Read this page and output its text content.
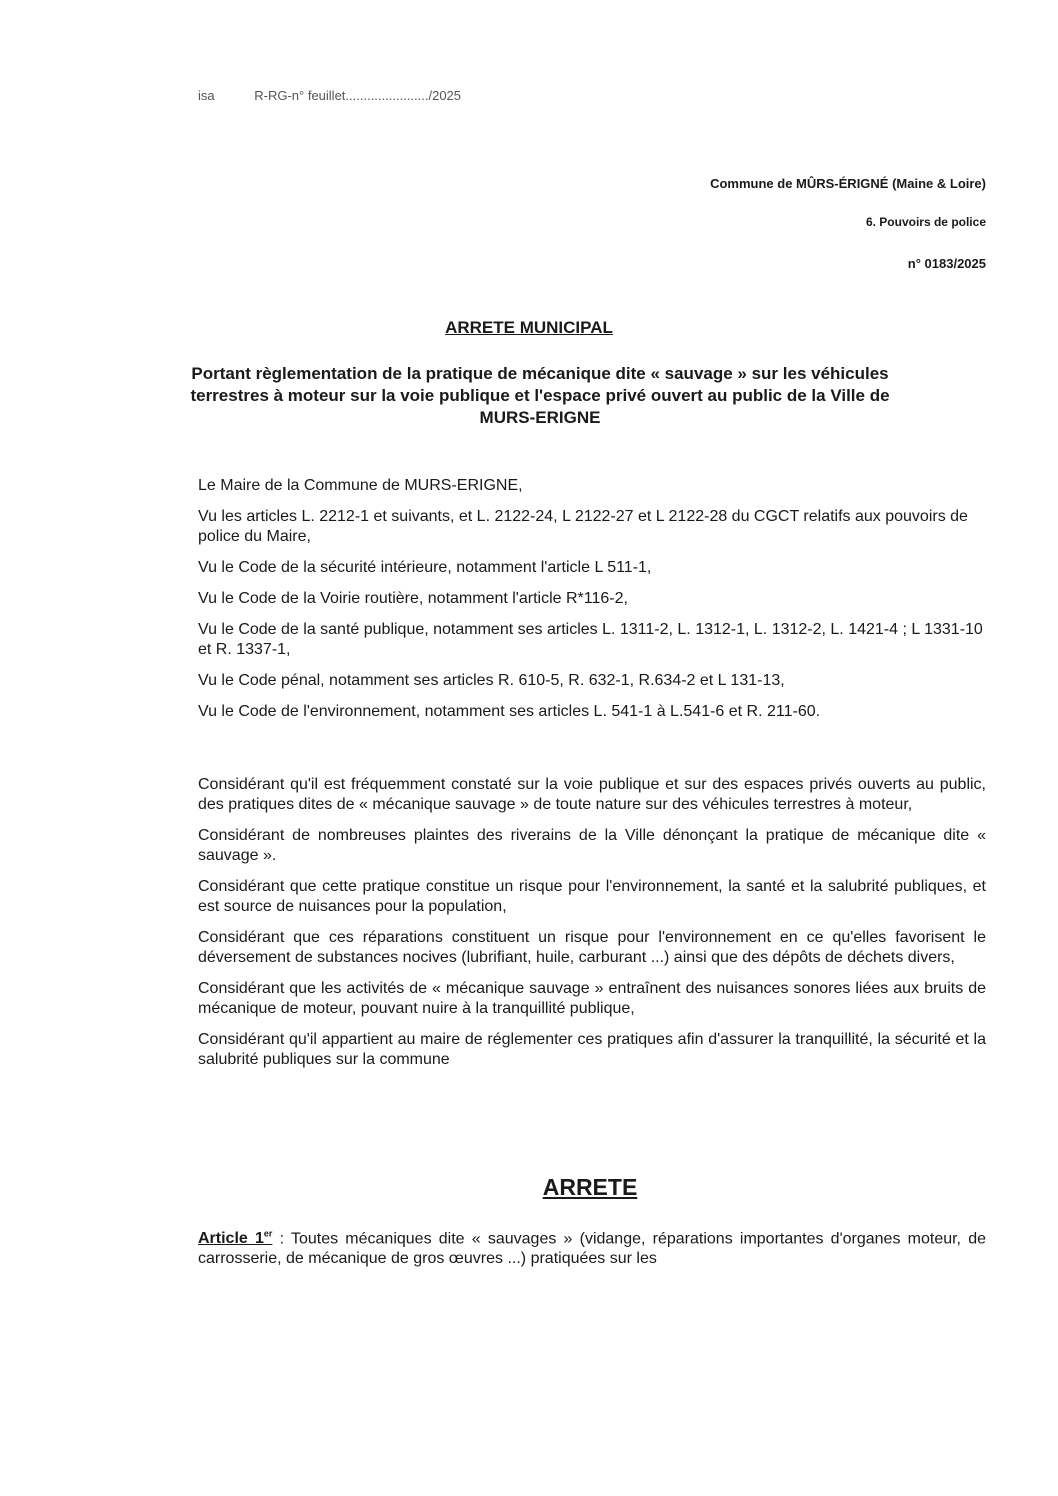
isa	R-RG-n° feuillet......................./2025
Commune de MÛRS-ÉRIGNÉ (Maine & Loire)
6. Pouvoirs de police
n° 0183/2025
ARRETE MUNICIPAL
Portant règlementation de la pratique de mécanique dite « sauvage » sur les véhicules terrestres à moteur sur la voie publique et l'espace privé ouvert au public de la Ville de MURS-ERIGNE

Le Maire de la Commune de MURS-ERIGNE,

Vu les articles L. 2212-1 et suivants, et L. 2122-24, L 2122-27 et L 2122-28 du CGCT relatifs aux pouvoirs de police du Maire,

Vu le Code de la sécurité intérieure, notamment l'article L 511-1,

Vu le Code de la Voirie routière, notamment l'article R*116-2,

Vu le Code de la santé publique, notamment ses articles L. 1311-2, L. 1312-1, L. 1312-2, L. 1421-4 ; L 1331-10 et R. 1337-1,

Vu le Code pénal, notamment ses articles R. 610-5, R. 632-1, R.634-2 et L 131-13,

Vu le Code de l'environnement, notamment ses articles L. 541-1 à L.541-6 et R. 211-60.

Considérant qu'il est fréquemment constaté sur la voie publique et sur des espaces privés ouverts au public, des pratiques dites de « mécanique sauvage » de toute nature sur des véhicules terrestres à moteur,

Considérant de nombreuses plaintes des riverains de la Ville dénonçant la pratique de mécanique dite « sauvage ».

Considérant que cette pratique constitue un risque pour l'environnement, la santé et la salubrité publiques, et est source de nuisances pour la population,

Considérant que ces réparations constituent un risque pour l'environnement en ce qu'elles favorisent le déversement de substances nocives (lubrifiant, huile, carburant ...) ainsi que des dépôts de déchets divers,

Considérant que les activités de « mécanique sauvage » entraînent des nuisances sonores liées aux bruits de mécanique de moteur, pouvant nuire à la tranquillité publique,

Considérant qu'il appartient au maire de réglementer ces pratiques afin d'assurer la tranquillité, la sécurité et la salubrité publiques sur la commune

ARRETE
Article 1er : Toutes mécaniques dite « sauvages » (vidange, réparations importantes d'organes moteur, de carrosserie, de mécanique de gros œuvres ...) pratiquées sur les
